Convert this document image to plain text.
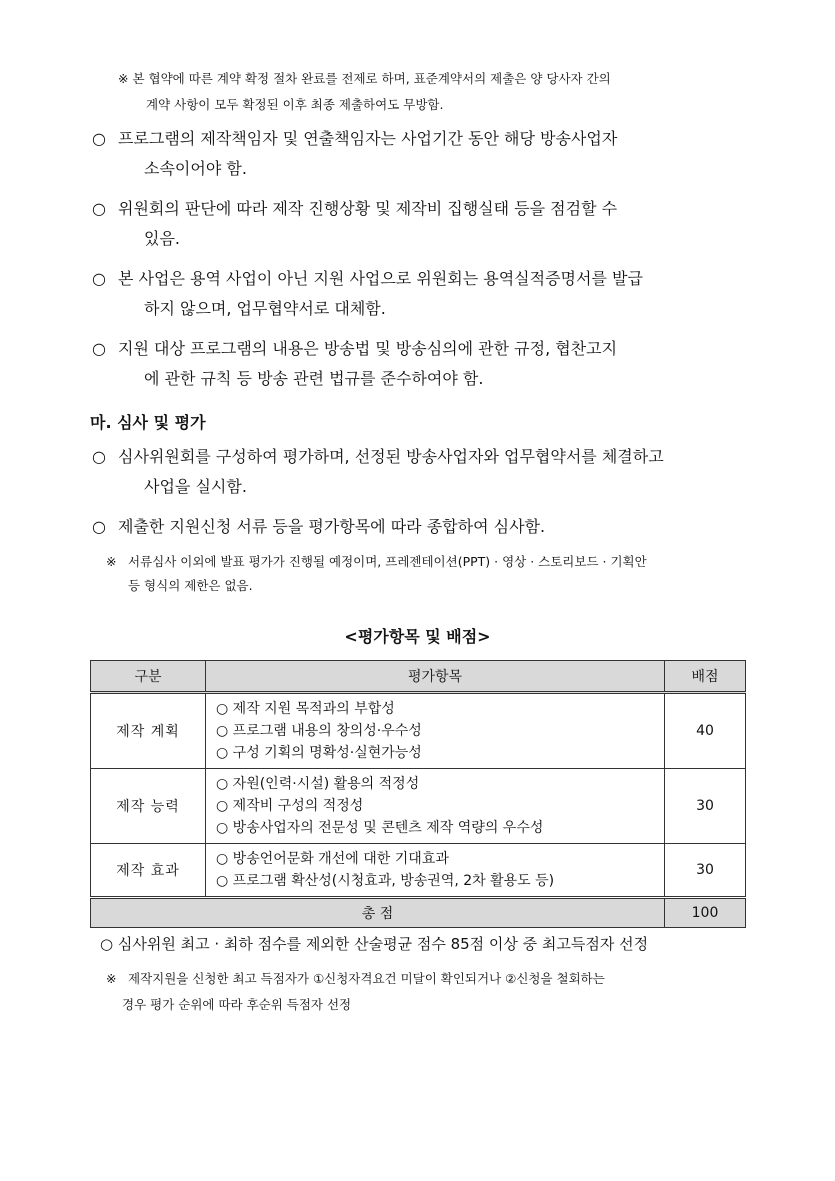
※ 본 협약에 따른 계약 확정 절차 완료를 전제로 하며, 표준계약서의 제출은 양 당사자 간의
계약 사항이 모두 확정된 이후 최종 제출하여도 무방함.
○ 프로그램의 제작책임자 및 연출책임자는 사업기간 동안 해당 방송사업자
소속이어야 함.
○ 위원회의 판단에 따라 제작 진행상황 및 제작비 집행실태 등을 점검할 수
있음.
○ 본 사업은 용역 사업이 아닌 지원 사업으로 위원회는 용역실적증명서를 발급
하지 않으며, 업무협약서로 대체함.
○ 지원 대상 프로그램의 내용은 방송법 및 방송심의에 관한 규정, 협찬고지
에 관한 규칙 등 방송 관련 법규를 준수하여야 함.
마. 심사 및 평가
○ 심사위원회를 구성하여 평가하며, 선정된 방송사업자와 업무협약서를 체결하고
사업을 실시함.
○ 제출한 지원신청 서류 등을 평가항목에 따라 종합하여 심사함.
※ 서류심사 이외에 발표 평가가 진행될 예정이며, 프레젠테이션(PPT) · 영상 · 스토리보드 · 기획안
등 형식의 제한은 없음.
<평가항목 및 배점>
구분	평가항목	배점
제작 계획	○ 제작 지원 목적과의 부합성
○ 프로그램 내용의 창의성·우수성
○ 구성 기획의 명확성·실현가능성	40
제작 능력	○ 자원(인력·시설) 활용의 적정성
○ 제작비 구성의 적정성
○ 방송사업자의 전문성 및 콘텐츠 제작 역량의 우수성	30
제작 효과	○ 방송언어문화 개선에 대한 기대효과
○ 프로그램 확산성(시청효과, 방송권역, 2차 활용도 등)	30
총 점		100
○ 심사위원 최고 · 최하 점수를 제외한 산술평균 점수 85점 이상 중 최고득점자 선정
※ 제작지원을 신청한 최고 득점자가 ①신청자격요건 미달이 확인되거나 ②신청을 철회하는
경우 평가 순위에 따라 후순위 득점자 선정
